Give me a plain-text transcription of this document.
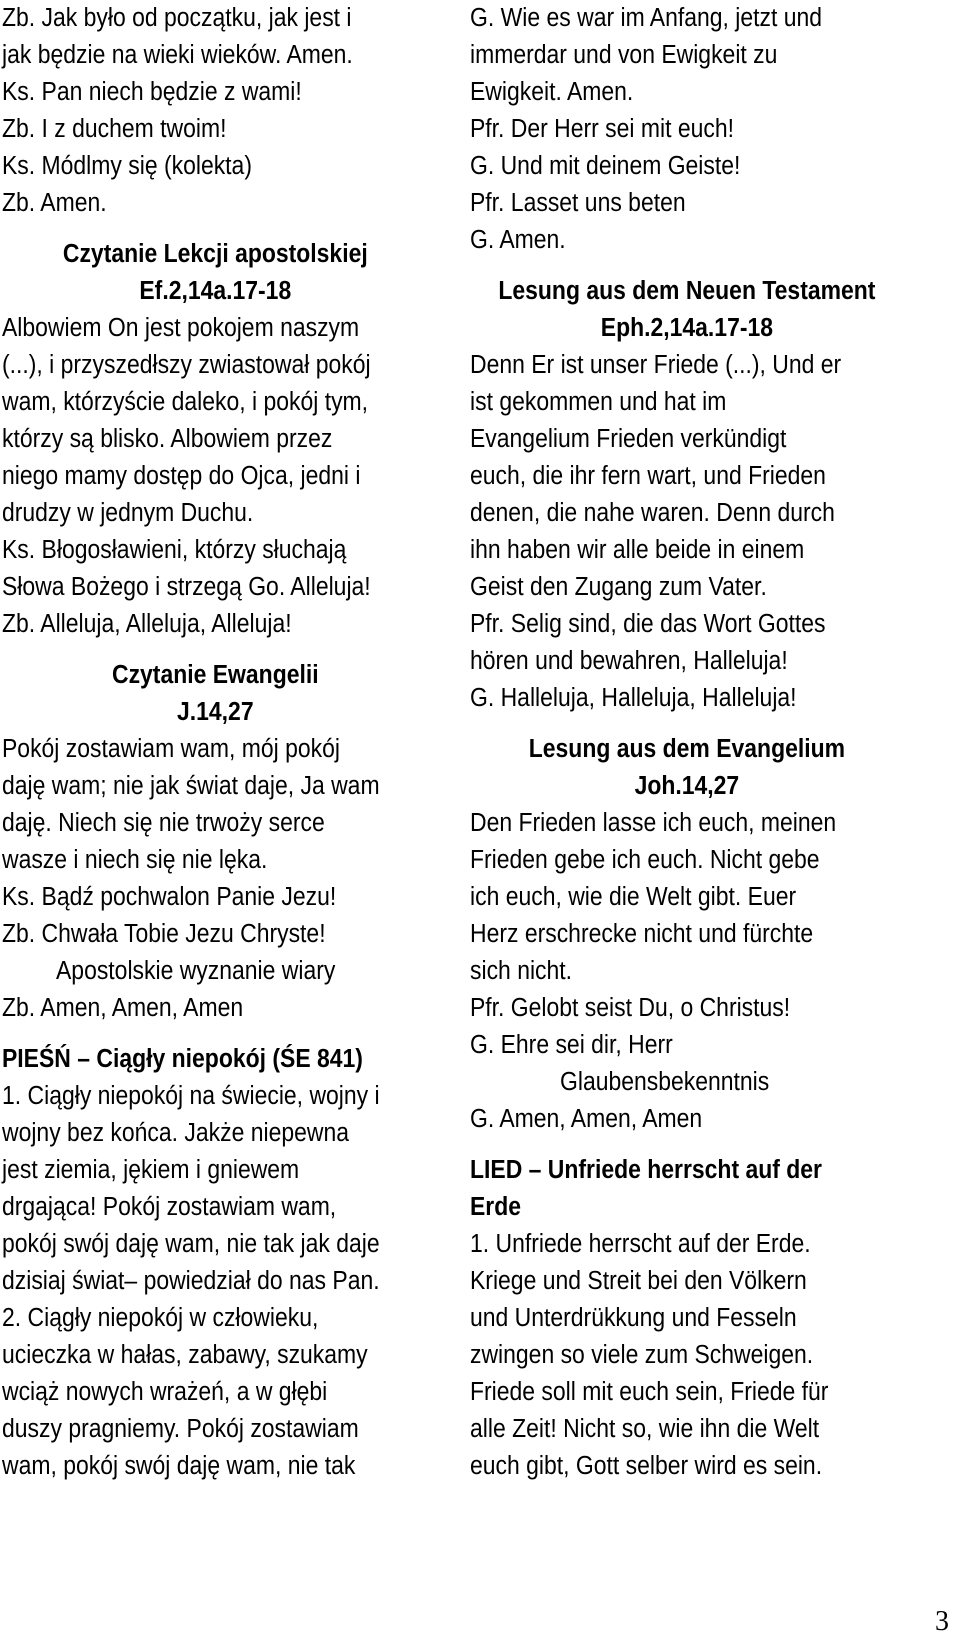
Zb. Jak było od początku, jak jest i
jak będzie na wieki wieków. Amen.
Ks. Pan niech będzie z wami!
Zb. I z duchem twoim!
Ks. Módlmy się (kolekta)
Zb. Amen.
Czytanie Lekcji apostolskiej
Ef.2,14a.17-18
Albowiem On jest pokojem naszym
(...), i przyszedłszy zwiastował pokój
wam, którzyście daleko, i pokój tym,
którzy są blisko. Albowiem przez
niego mamy dostęp do Ojca, jedni i
drudzy w jednym Duchu.
Ks. Błogosławieni, którzy słuchają
Słowa Bożego i strzegą Go. Alleluja!
Zb. Alleluja, Alleluja, Alleluja!
Czytanie Ewangelii
J.14,27
Pokój zostawiam wam, mój pokój
daję wam; nie jak świat daje, Ja wam
daję. Niech się nie trwoży serce
wasze i niech się nie lęka.
Ks. Bądź pochwalon Panie Jezu!
Zb. Chwała Tobie Jezu Chryste!
Apostolskie wyznanie wiary
Zb. Amen, Amen, Amen
PIEŚŃ – Ciągły niepokój (ŚE 841)
1. Ciągły niepokój na świecie, wojny i
wojny bez końca. Jakże niepewna
jest ziemia, jękiem i gniewem
drgająca! Pokój zostawiam wam,
pokój swój daję wam, nie tak jak daje
dzisiaj świat– powiedział do nas Pan.
2. Ciągły niepokój w człowieku,
ucieczka w hałas, zabawy, szukamy
wciąż nowych wrażeń, a w głębi
duszy pragniemy. Pokój zostawiam
wam, pokój swój daję wam, nie tak
G. Wie es war im Anfang, jetzt und
immerdar und von Ewigkeit zu
Ewigkeit. Amen.
Pfr. Der Herr sei mit euch!
G. Und mit deinem Geiste!
Pfr. Lasset uns beten
G. Amen.
Lesung aus dem Neuen Testament
Eph.2,14a.17-18
Denn Er ist unser Friede (...), Und er
ist gekommen und hat im
Evangelium Frieden verkündigt
euch, die ihr fern wart, und Frieden
denen, die nahe waren. Denn durch
ihn haben wir alle beide in einem
Geist den Zugang zum Vater.
Pfr. Selig sind, die das Wort Gottes
hören und bewahren, Halleluja!
G. Halleluja, Halleluja, Halleluja!
Lesung aus dem Evangelium
Joh.14,27
Den Frieden lasse ich euch, meinen
Frieden gebe ich euch. Nicht gebe
ich euch, wie die Welt gibt. Euer
Herz erschrecke nicht und fürchte
sich nicht.
Pfr. Gelobt seist Du, o Christus!
G. Ehre sei dir, Herr
Glaubensbekenntnis
G. Amen, Amen, Amen
LIED – Unfriede herrscht auf der
Erde
1. Unfriede herrscht auf der Erde.
Kriege und Streit bei den Völkern
und Unterdrükkung und Fesseln
zwingen so viele zum Schweigen.
Friede soll mit euch sein, Friede für
alle Zeit! Nicht so, wie ihn die Welt
euch gibt, Gott selber wird es sein.
3
